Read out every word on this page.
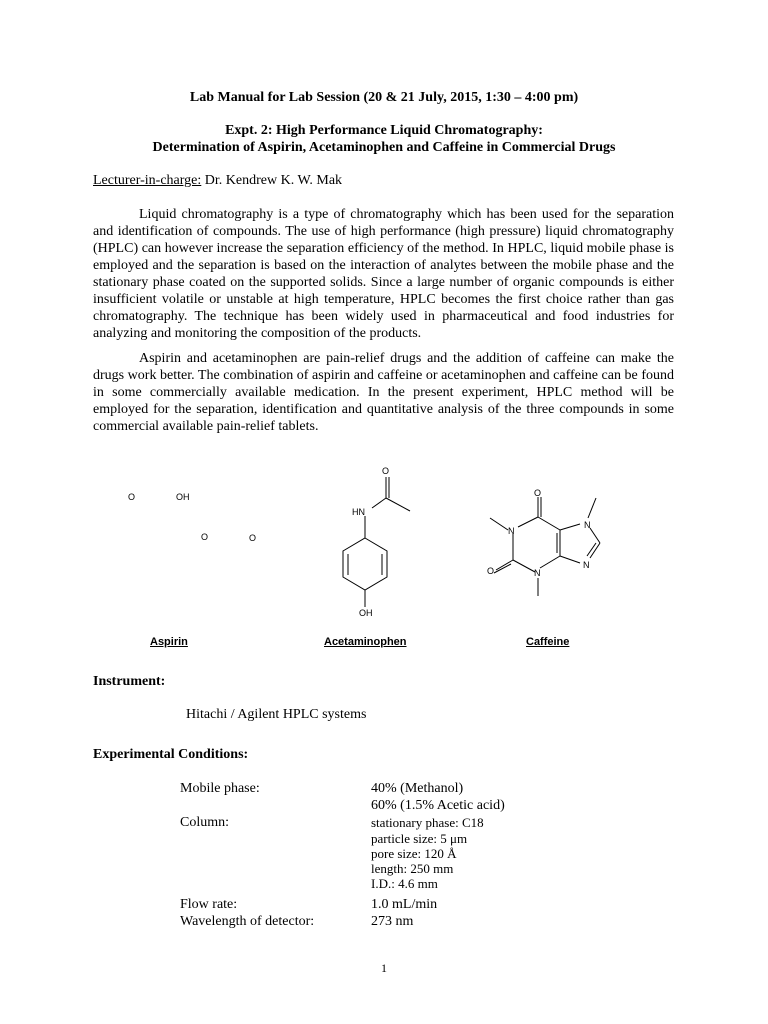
Lab Manual for Lab Session (20 & 21 July, 2015, 1:30 – 4:00 pm)
Expt. 2: High Performance Liquid Chromatography:
Determination of Aspirin, Acetaminophen and Caffeine in Commercial Drugs
Lecturer-in-charge: Dr. Kendrew K. W. Mak

Liquid chromatography is a type of chromatography which has been used for the separation and identification of compounds. The use of high performance (high pressure) liquid chromatography (HPLC) can however increase the separation efficiency of the method. In HPLC, liquid mobile phase is employed and the separation is based on the interaction of analytes between the mobile phase and the stationary phase coated on the supported solids. Since a large number of organic compounds is either insufficient volatile or unstable at high temperature, HPLC becomes the first choice rather than gas chromatography. The technique has been widely used in pharmaceutical and food industries for analyzing and monitoring the composition of the products.

Aspirin and acetaminophen are pain-relief drugs and the addition of caffeine can make the drugs work better. The combination of aspirin and caffeine or acetaminophen and caffeine can be found in some commercially available medication. In the present experiment, HPLC method will be employed for the separation, identification and quantitative analysis of the three compounds in some commercial available pain-relief tablets.

O	OH
O	O
O
HN
OH
O
N
N
N
N
O
Aspirin	Acetaminophen	Caffeine
Instrument:
Hitachi / Agilent HPLC systems
Experimental Conditions:
Mobile phase:	40% (Methanol)
60% (1.5% Acetic acid)
Column:	stationary phase: C18
particle size: 5 μm
pore size: 120 Å
length: 250 mm
I.D.: 4.6 mm
Flow rate:	1.0 mL/min
Wavelength of detector:	273 nm
1
